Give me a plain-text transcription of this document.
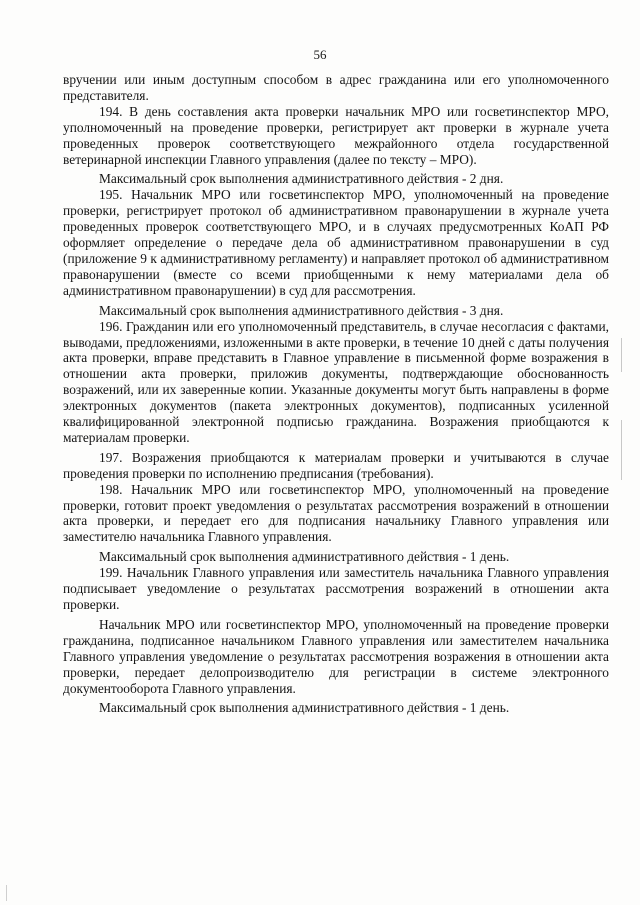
56

вручении или иным доступным способом в адрес гражданина или его уполномоченного представителя.

194. В день составления акта проверки начальник МРО или госветинспектор МРО, уполномоченный на проведение проверки, регистрирует акт проверки в журнале учета проведенных проверок соответствующего межрайонного отдела государственной ветеринарной инспекции Главного управления (далее по тексту – МРО).

Максимальный срок выполнения административного действия - 2 дня.

195. Начальник МРО или госветинспектор МРО, уполномоченный на проведение проверки, регистрирует протокол об административном правонарушении в журнале учета проведенных проверок соответствующего МРО, и в случаях предусмотренных КоАП РФ оформляет определение о передаче дела об административном правонарушении в суд (приложение 9 к административному регламенту) и направляет протокол об административном правонарушении (вместе со всеми приобщенными к нему материалами дела об административном правонарушении) в суд для рассмотрения.

Максимальный срок выполнения административного действия - 3 дня.

196. Гражданин или его уполномоченный представитель, в случае несогласия с фактами, выводами, предложениями, изложенными в акте проверки, в течение 10 дней с даты получения акта проверки, вправе представить в Главное управление в письменной форме возражения в отношении акта проверки, приложив документы, подтверждающие обоснованность возражений, или их заверенные копии. Указанные документы могут быть направлены в форме электронных документов (пакета электронных документов), подписанных усиленной квалифицированной электронной подписью гражданина. Возражения приобщаются к материалам проверки.

197. Возражения приобщаются к материалам проверки и учитываются в случае проведения проверки по исполнению предписания (требования).

198. Начальник МРО или госветинспектор МРО, уполномоченный на проведение проверки, готовит проект уведомления о результатах рассмотрения возражений в отношении акта проверки, и передает его для подписания начальнику Главного управления или заместителю начальника Главного управления.

Максимальный срок выполнения административного действия - 1 день.

199. Начальник Главного управления или заместитель начальника Главного управления подписывает уведомление о результатах рассмотрения возражений в отношении акта проверки.

Начальник МРО или госветинспектор МРО, уполномоченный на проведение проверки гражданина, подписанное начальником Главного управления или заместителем начальника Главного управления уведомление о результатах рассмотрения возражения в отношении акта проверки, передает делопроизводителю для регистрации в системе электронного документооборота Главного управления.

Максимальный срок выполнения административного действия - 1 день.
